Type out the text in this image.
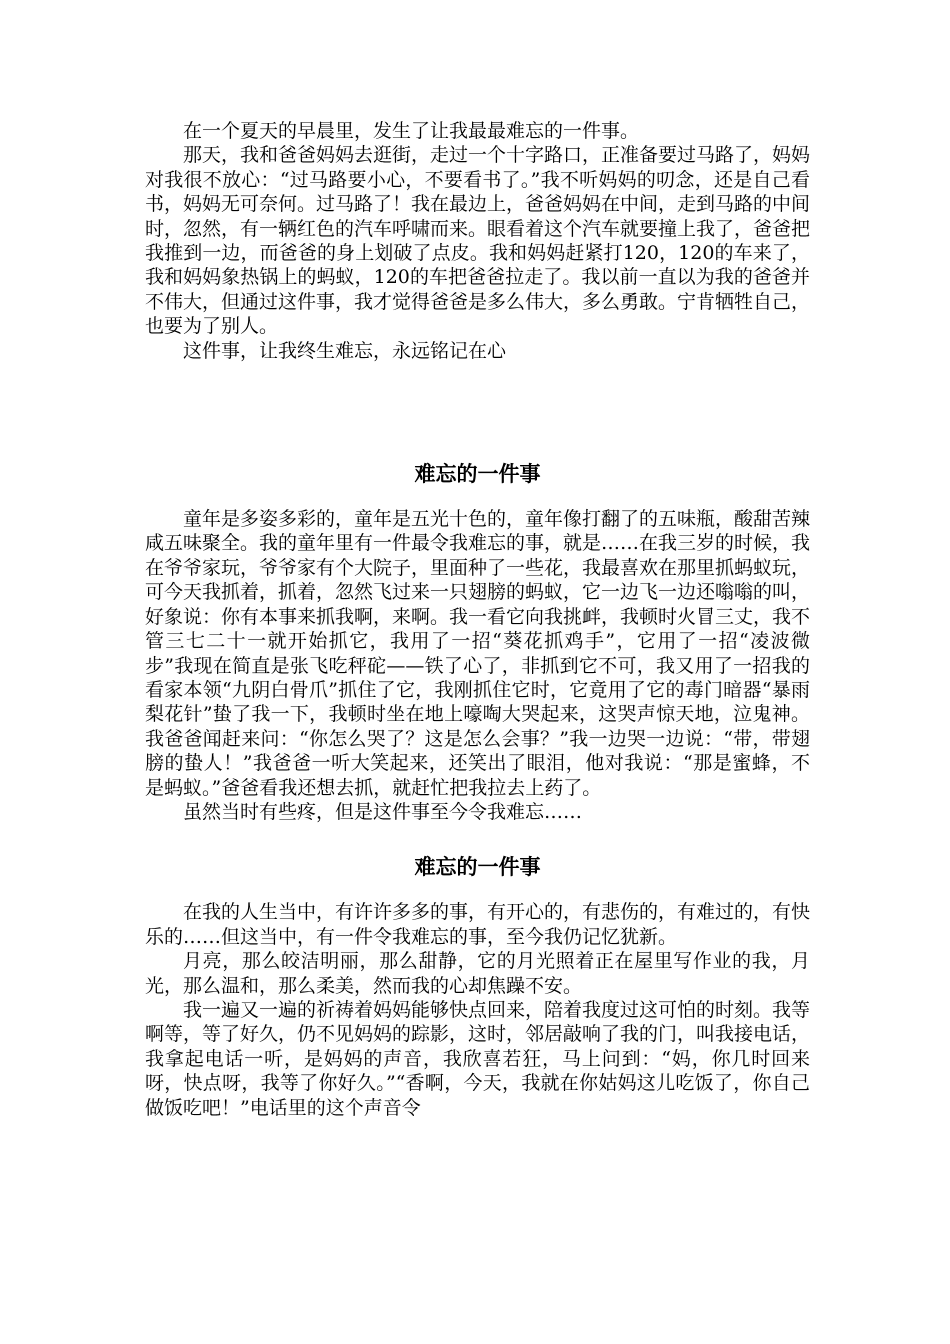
在一个夏天的早晨里，发生了让我最最难忘的一件事。

那天，我和爸爸妈妈去逛街，走过一个十字路口，正准备要过马路了，妈妈对我很不放心：“过马路要小心，不要看书了。”我不听妈妈的叨念，还是自己看书，妈妈无可奈何。过马路了！我在最边上，爸爸妈妈在中间，走到马路的中间时，忽然，有一辆红色的汽车呼啸而来。眼看着这个汽车就要撞上我了，爸爸把我推到一边，而爸爸的身上划破了点皮。我和妈妈赶紧打120，120的车来了，我和妈妈象热锅上的蚂蚁，120的车把爸爸拉走了。我以前一直以为我的爸爸并不伟大，但通过这件事，我才觉得爸爸是多么伟大，多么勇敢。宁肯牺牲自己，也要为了别人。

这件事，让我终生难忘，永远铭记在心

难忘的一件事

童年是多姿多彩的，童年是五光十色的，童年像打翻了的五味瓶，酸甜苦辣咸五味聚全。我的童年里有一件最令我难忘的事，就是……在我三岁的时候，我在爷爷家玩，爷爷家有个大院子，里面种了一些花，我最喜欢在那里抓蚂蚁玩，可今天我抓着，抓着，忽然飞过来一只翅膀的蚂蚁，它一边飞一边还嗡嗡的叫，好象说：你有本事来抓我啊，来啊。我一看它向我挑衅，我顿时火冒三丈，我不管三七二十一就开始抓它，我用了一招“葵花抓鸡手”，它用了一招“凌波微步”我现在简直是张飞吃秤砣——铁了心了，非抓到它不可，我又用了一招我的看家本领“九阴白骨爪”抓住了它，我刚抓住它时，它竟用了它的毒门暗器“暴雨梨花针”蛰了我一下，我顿时坐在地上嚎啕大哭起来，这哭声惊天地，泣鬼神。我爸爸闻赶来问：“你怎么哭了？这是怎么会事？”我一边哭一边说：“带，带翅膀的蛰人！”我爸爸一听大笑起来，还笑出了眼泪，他对我说：“那是蜜蜂，不是蚂蚁。”爸爸看我还想去抓，就赶忙把我拉去上药了。

虽然当时有些疼，但是这件事至今令我难忘……

难忘的一件事

在我的人生当中，有许许多多的事，有开心的，有悲伤的，有难过的，有快乐的……但这当中，有一件令我难忘的事，至今我仍记忆犹新。

月亮，那么皎洁明丽，那么甜静，它的月光照着正在屋里写作业的我，月光，那么温和，那么柔美，然而我的心却焦躁不安。

我一遍又一遍的祈祷着妈妈能够快点回来，陪着我度过这可怕的时刻。我等啊等，等了好久，仍不见妈妈的踪影，这时，邻居敲响了我的门，叫我接电话，我拿起电话一听，是妈妈的声音，我欣喜若狂，马上问到：“妈，你几时回来呀，快点呀，我等了你好久。”“香啊，今天，我就在你姑妈这儿吃饭了，你自己做饭吃吧！”电话里的这个声音令
